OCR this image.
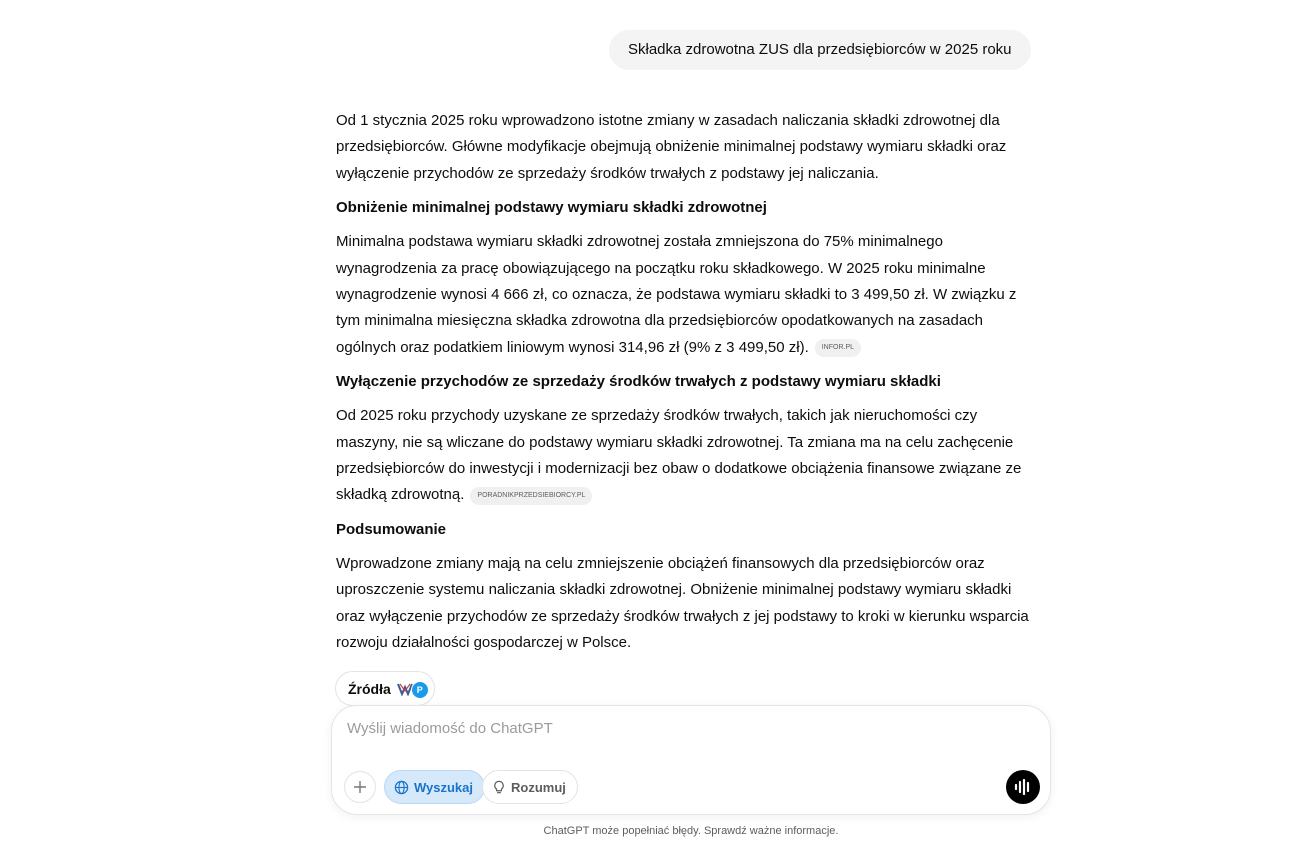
Składka zdrowotna ZUS dla przedsiębiorców w 2025 roku

Od 1 stycznia 2025 roku wprowadzono istotne zmiany w zasadach naliczania składki zdrowotnej dla przedsiębiorców. Główne modyfikacje obejmują obniżenie minimalnej podstawy wymiaru składki oraz wyłączenie przychodów ze sprzedaży środków trwałych z podstawy jej naliczania.

Obniżenie minimalnej podstawy wymiaru składki zdrowotnej

Minimalna podstawa wymiaru składki zdrowotnej została zmniejszona do 75% minimalnego wynagrodzenia za pracę obowiązującego na początku roku składkowego. W 2025 roku minimalne wynagrodzenie wynosi 4 666 zł, co oznacza, że podstawa wymiaru składki to 3 499,50 zł. W związku z tym minimalna miesięczna składka zdrowotna dla przedsiębiorców opodatkowanych na zasadach ogólnych oraz podatkiem liniowym wynosi 314,96 zł (9% z 3 499,50 zł). INFOR.PL

Wyłączenie przychodów ze sprzedaży środków trwałych z podstawy wymiaru składki

Od 2025 roku przychody uzyskane ze sprzedaży środków trwałych, takich jak nieruchomości czy maszyny, nie są wliczane do podstawy wymiaru składki zdrowotnej. Ta zmiana ma na celu zachęcenie przedsiębiorców do inwestycji i modernizacji bez obaw o dodatkowe obciążenia finansowe związane ze składką zdrowotną. PORADNIKPRZEDSIEBIORCY.PL

Podsumowanie

Wprowadzone zmiany mają na celu zmniejszenie obciążeń finansowych dla przedsiębiorców oraz uproszczenie systemu naliczania składki zdrowotnej. Obniżenie minimalnej podstawy wymiaru składki oraz wyłączenie przychodów ze sprzedaży środków trwałych z jej podstawy to kroki w kierunku wsparcia rozwoju działalności gospodarczej w Polsce.

Źródła	P
Wyślij wiadomość do ChatGPT
Wyszukaj	Rozumuj
ChatGPT może popełniać błędy. Sprawdź ważne informacje.
